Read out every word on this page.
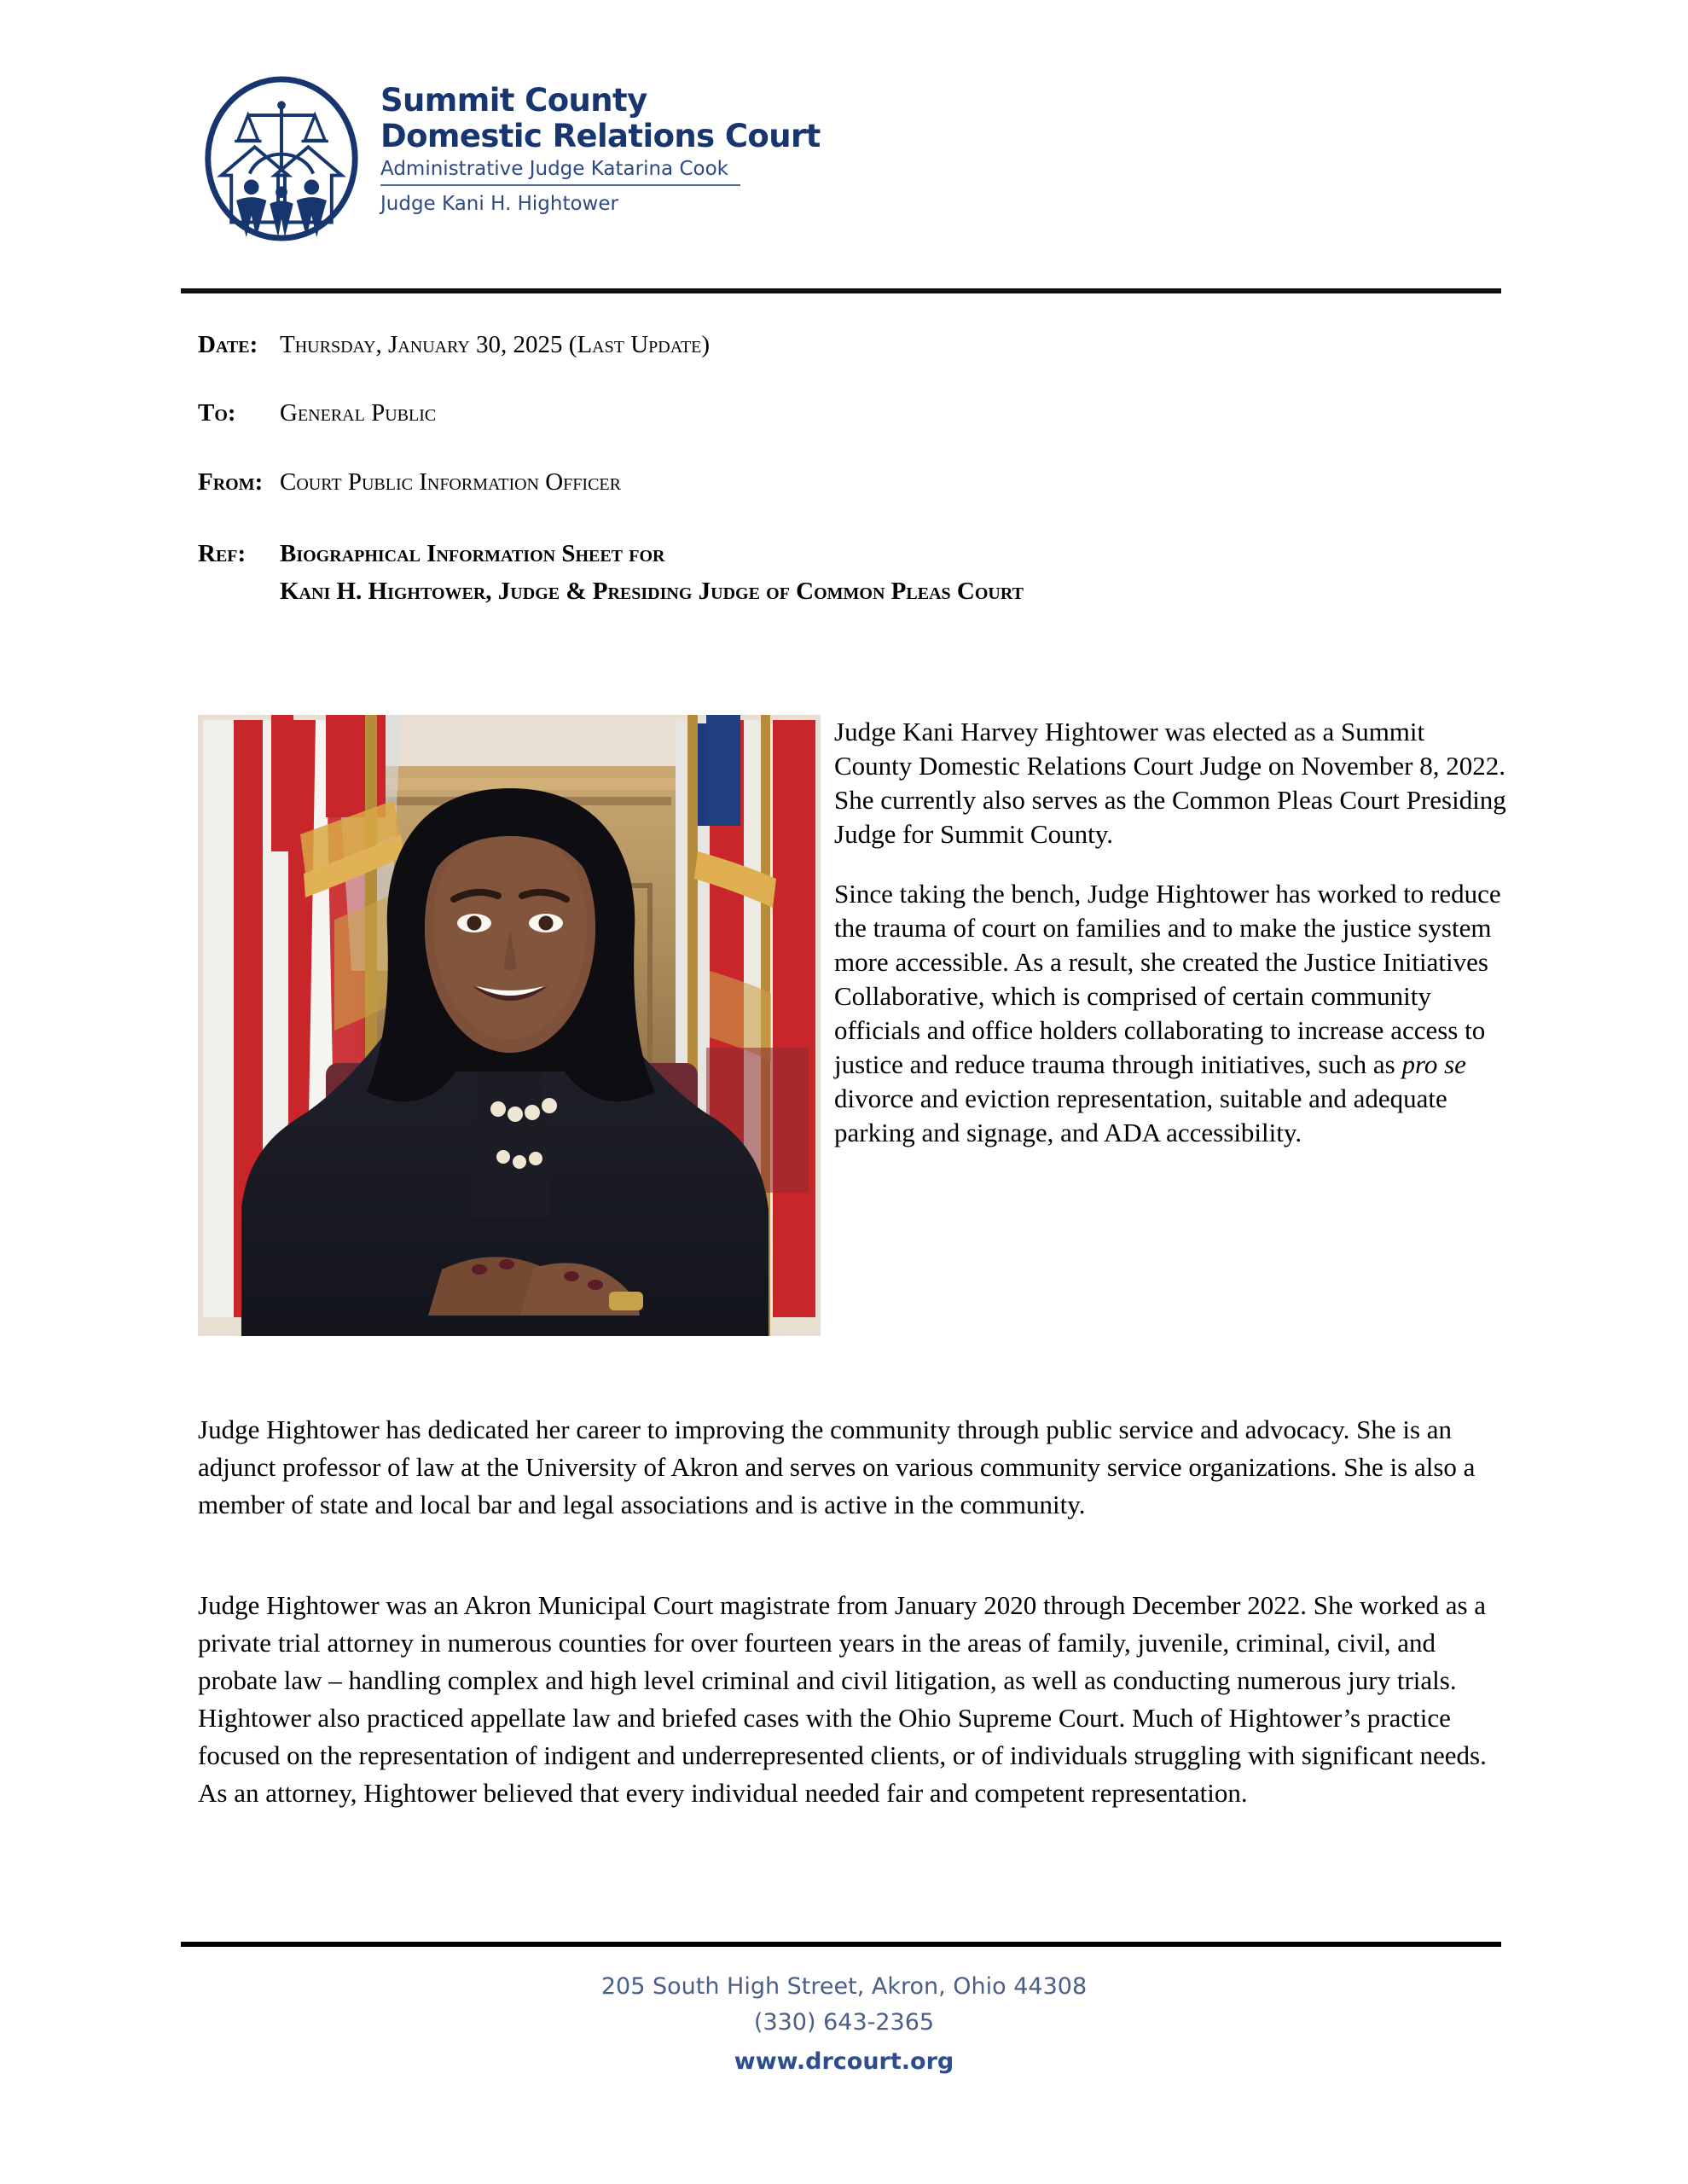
Summit County
Domestic Relations Court
Administrative Judge Katarina Cook
Judge Kani H. Hightower
Date: Thursday, January 30, 2025 (Last Update)
To:	General Public
From: Court Public Information Officer
Ref:	Biographical Information Sheet for
Kani H. Hightower, Judge & Presiding Judge of Common Pleas Court

Judge Kani Harvey Hightower was elected as a Summit County Domestic Relations Court Judge on November 8, 2022. She currently also serves as the Common Pleas Court Presiding Judge for Summit County.

Since taking the bench, Judge Hightower has worked to reduce the trauma of court on families and to make the justice system more accessible. As a result, she created the Justice Initiatives Collaborative, which is comprised of certain community officials and office holders collaborating to increase access to justice and reduce trauma through initiatives, such as pro se divorce and eviction representation, suitable and adequate parking and signage, and ADA accessibility.

Judge Hightower has dedicated her career to improving the community through public service and advocacy. She is an adjunct professor of law at the University of Akron and serves on various community service organizations. She is also a member of state and local bar and legal associations and is active in the community.

Judge Hightower was an Akron Municipal Court magistrate from January 2020 through December 2022. She worked as a private trial attorney in numerous counties for over fourteen years in the areas of family, juvenile, criminal, civil, and probate law – handling complex and high level criminal and civil litigation, as well as conducting numerous jury trials. Hightower also practiced appellate law and briefed cases with the Ohio Supreme Court. Much of Hightower’s practice focused on the representation of indigent and underrepresented clients, or of individuals struggling with significant needs. As an attorney, Hightower believed that every individual needed fair and competent representation.

205 South High Street, Akron, Ohio 44308
(330) 643-2365
www.drcourt.org
